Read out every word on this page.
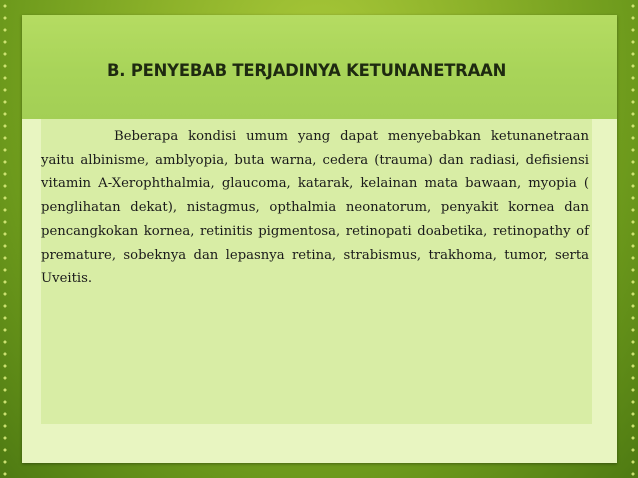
B. PENYEBAB TERJADINYA KETUNANETRAAN

Beberapa kondisi umum yang dapat menyebabkan ketunanetraan yaitu albinisme, amblyopia, buta warna, cedera (trauma) dan radiasi, defisiensi vitamin A-Xerophthalmia, glaucoma, katarak, kelainan mata bawaan, myopia ( penglihatan dekat), nistagmus, opthalmia neonatorum, penyakit kornea dan pencangkokan kornea, retinitis pigmentosa, retinopati doabetika, retinopathy of premature, sobeknya dan lepasnya retina, strabismus, trakhoma, tumor, serta Uveitis.
